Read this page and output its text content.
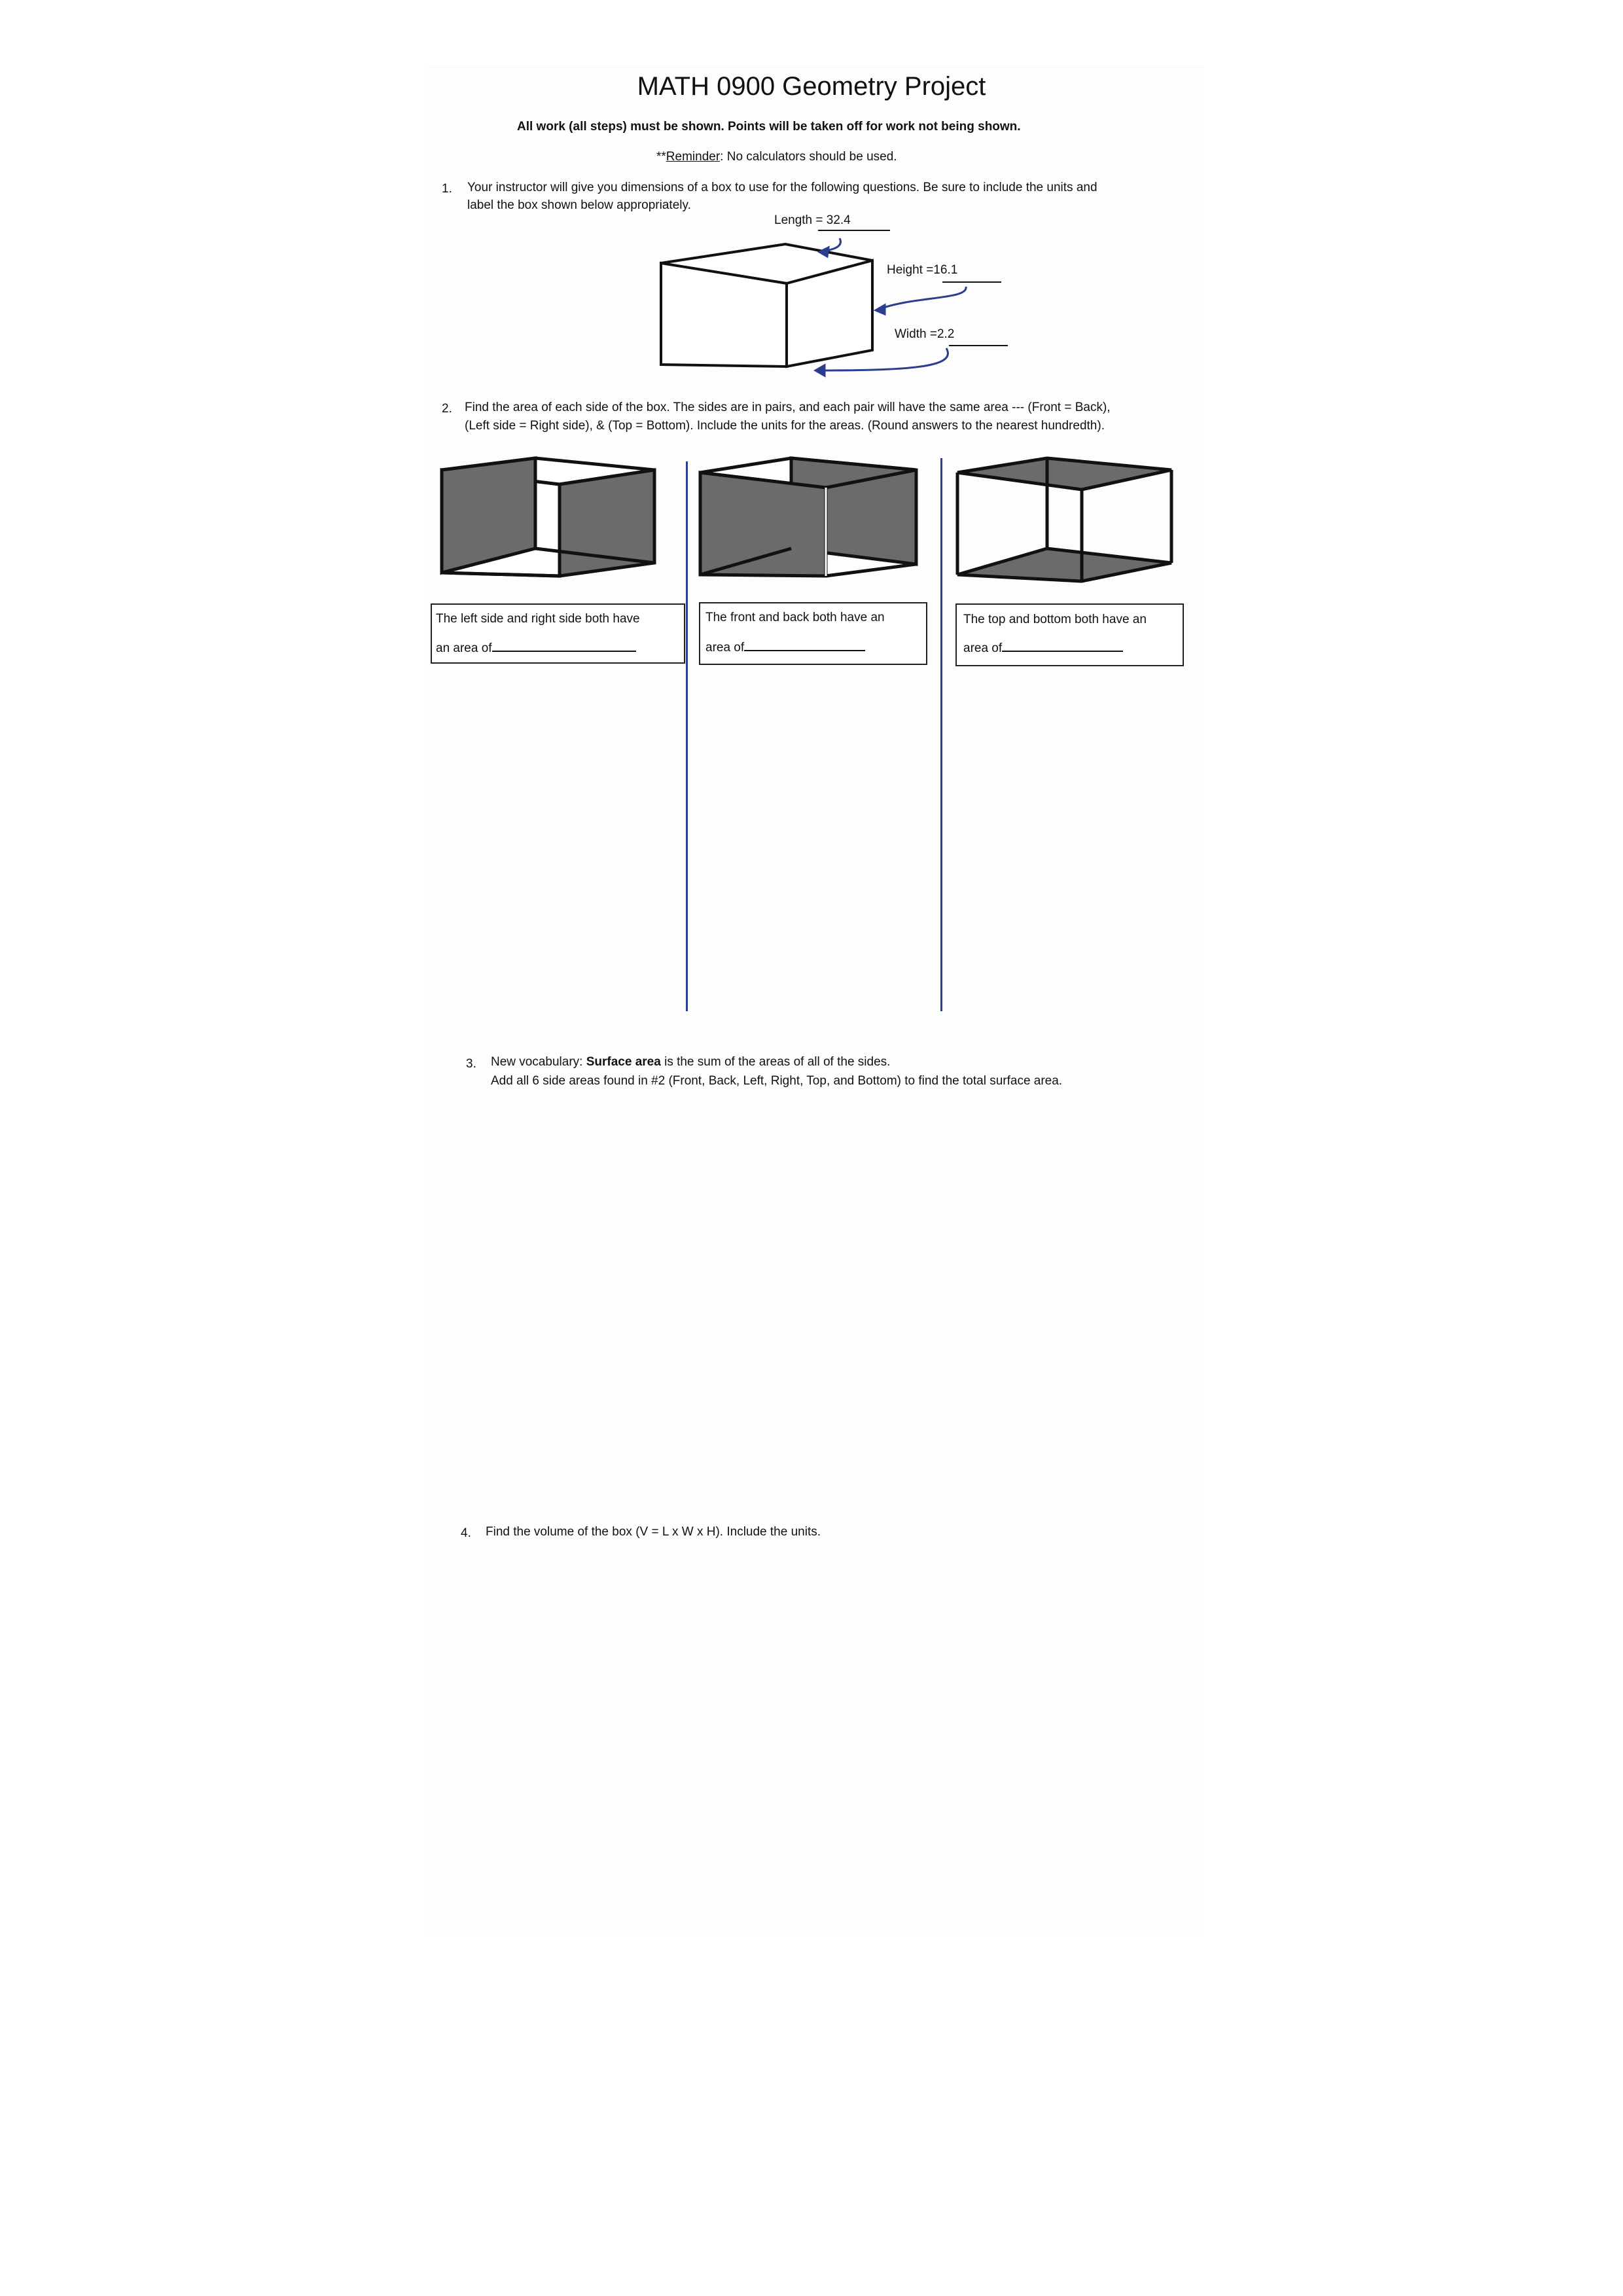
MATH 0900 Geometry Project
All work (all steps) must be shown. Points will be taken off for work not being shown.
**Reminder: No calculators should be used.
1. Your instructor will give you dimensions of a box to use for the following questions. Be sure to include the units and
label the box shown below appropriately.
Length = 32.4
Height =16.1
Width =2.2
2. Find the area of each side of the box. The sides are in pairs, and each pair will have the same area --- (Front = Back),
(Left side = Right side), & (Top = Bottom). Include the units for the areas. (Round answers to the nearest hundredth).
The left side and right side both have
an area of
The front and back both have an
area of
The top and bottom both have an
area of
3. New vocabulary: Surface area is the sum of the areas of all of the sides.
Add all 6 side areas found in #2 (Front, Back, Left, Right, Top, and Bottom) to find the total surface area.
4. Find the volume of the box (V = L x W x H). Include the units.
